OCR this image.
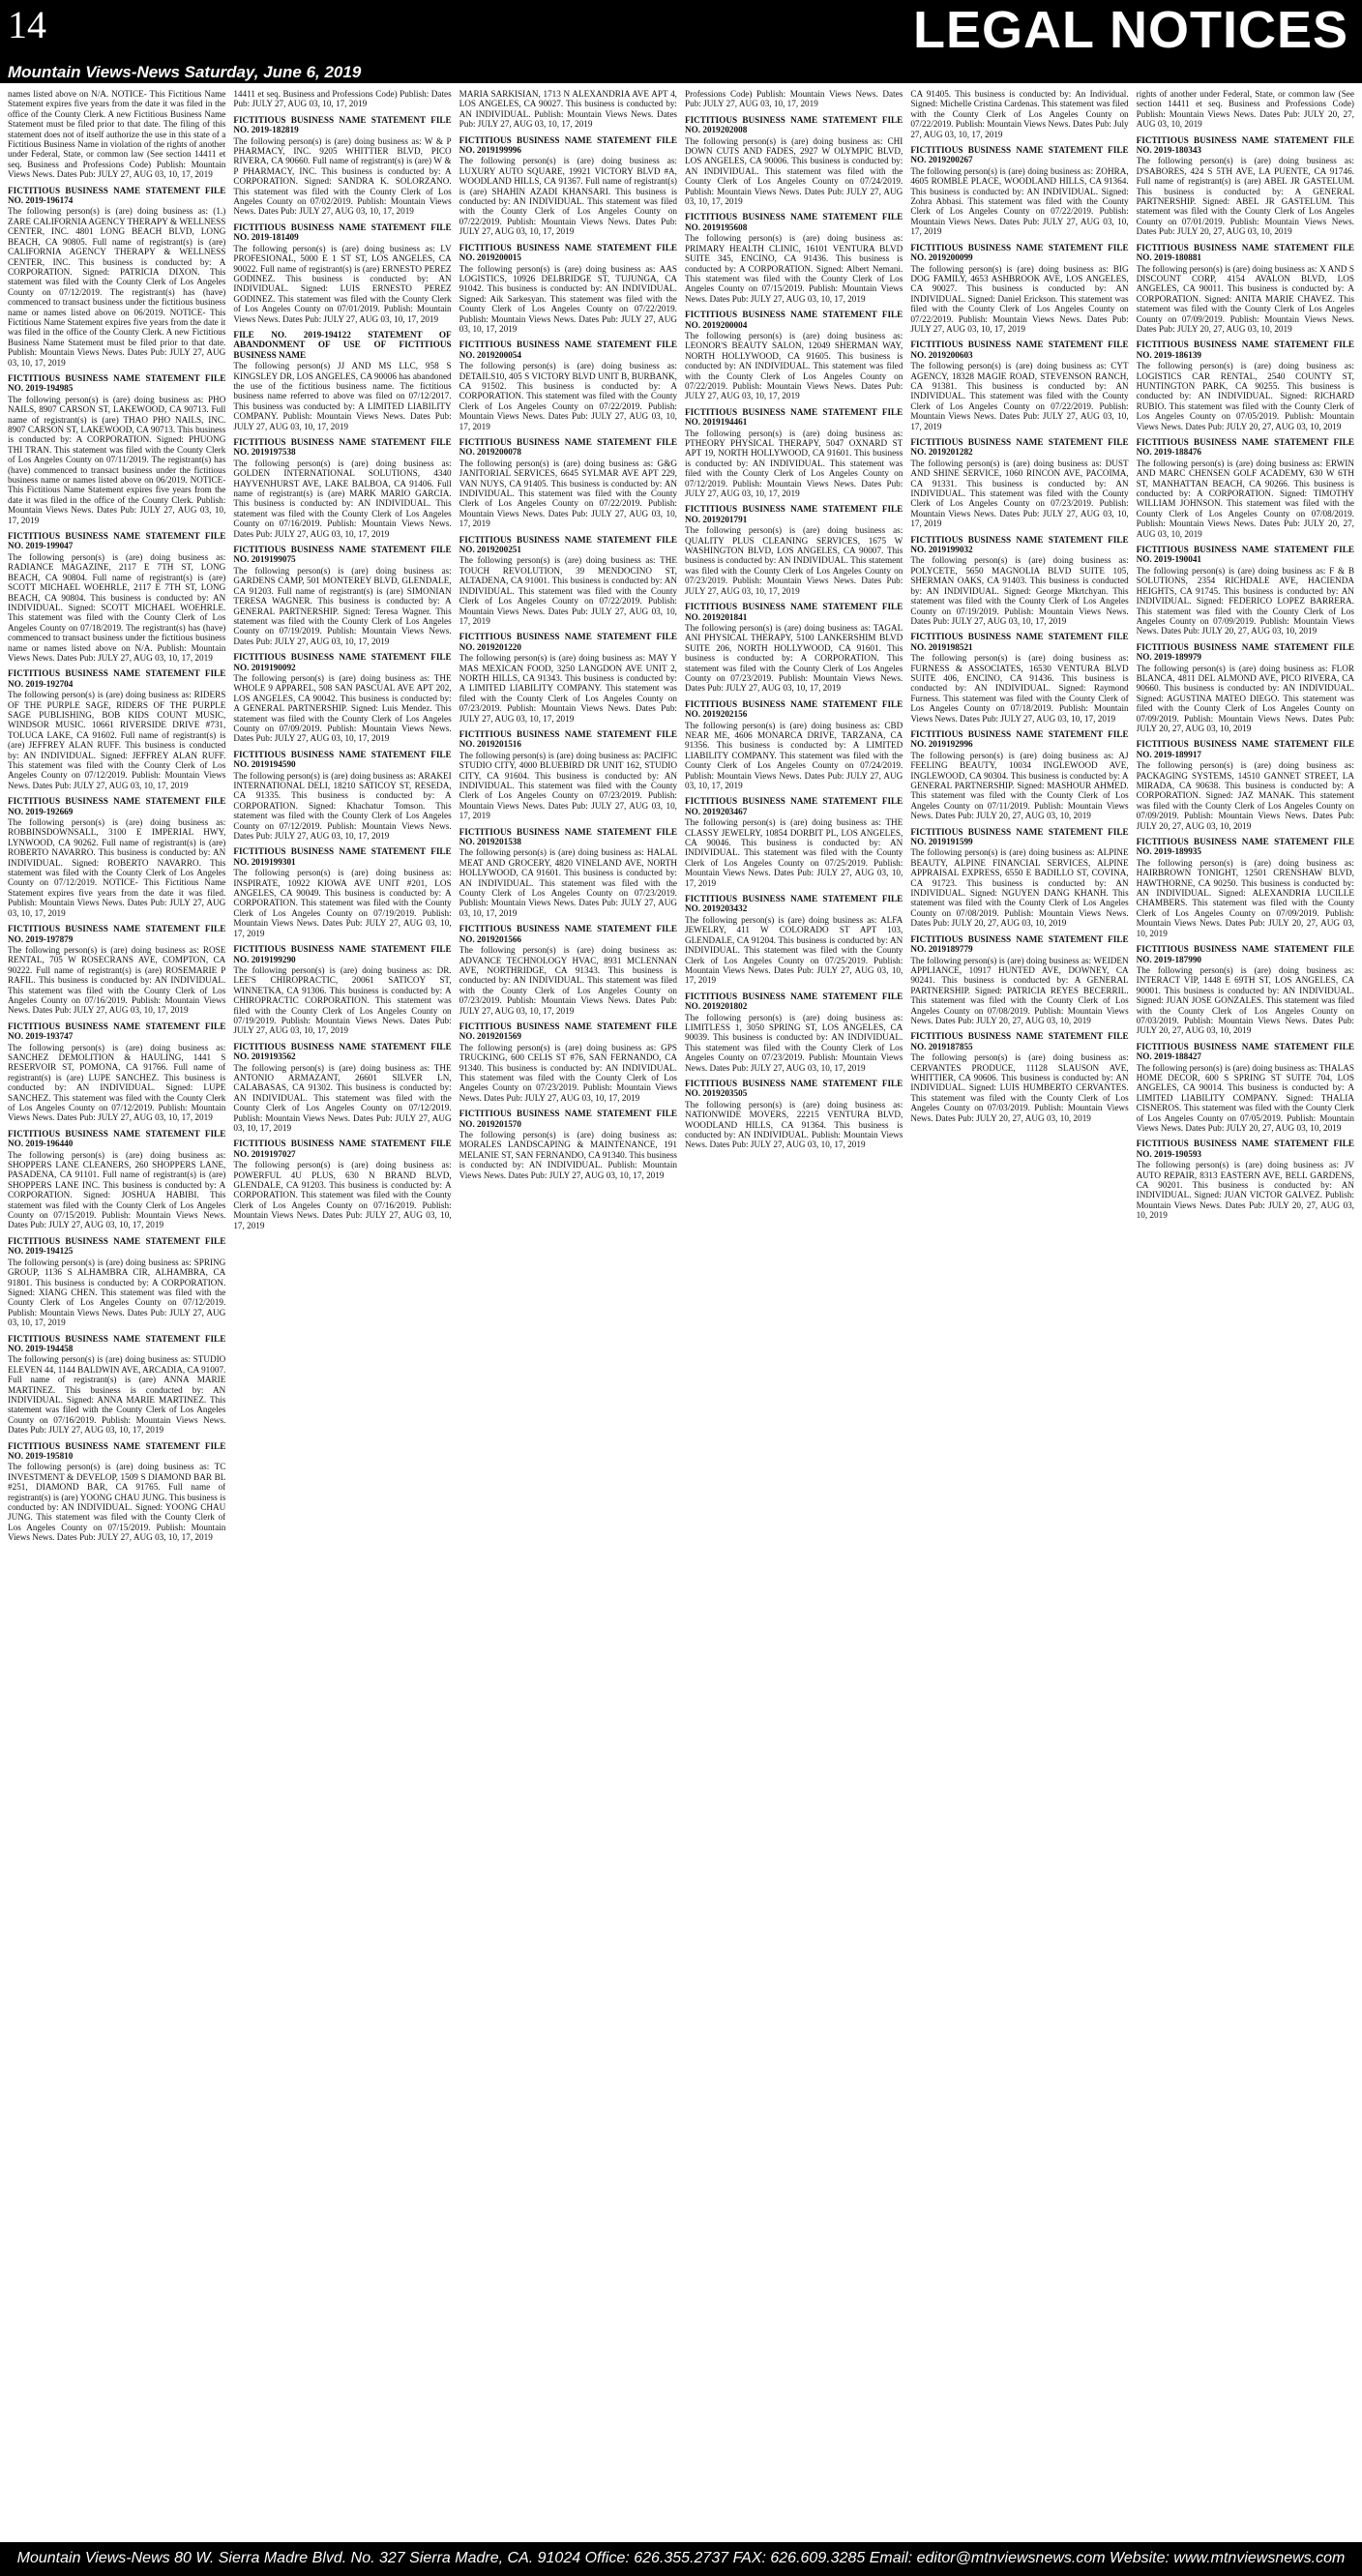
14	LEGAL NOTICES
Mountain Views-News Saturday, June 6, 2019

names listed above on N/A. NOTICE- This Fictitious Name Statement expires five years from the date it was filed in the office of the County Clerk. A new Fictitious Business Name Statement must be filed prior to that date. The filing of this statement does not of itself authorize the use in this state of a Fictitious Business Name in violation of the rights of another under Federal, State, or common law (See section 14411 et seq. Business and Professions Code) Publish: Mountain Views News. Dates Pub: JULY 27, AUG 03, 10, 17, 2019

FICTITIOUS BUSINESS NAME STATEMENT FILE NO. 2019-196174

The following person(s) is (are) doing business as: (1.) ZARE CALIFORNIA AGENCY THERAPY & WELLNESS CENTER, INC. 4801 LONG BEACH BLVD, LONG BEACH, CA 90805. Full name of registrant(s) is (are) CALIFORNIA AGENCY THERAPY & WELLNESS CENTER, INC. This business is conducted by: A CORPORATION. Signed: PATRICIA DIXON. This statement was filed with the County Clerk of Los Angeles County on 07/12/2019. The registrant(s) has (have) commenced to transact business under the fictitious business name or names listed above on 06/2019. NOTICE- This Fictitious Name Statement expires five years from the date it was filed in the office of the County Clerk. A new Fictitious Business Name Statement must be filed prior to that date. Publish: Mountain Views News. Dates Pub: JULY 27, AUG 03, 10, 17, 2019

FICTITIOUS BUSINESS NAME STATEMENT FILE NO. 2019-194985

The following person(s) is (are) doing business as: PHO NAILS, 8907 CARSON ST, LAKEWOOD, CA 90713. Full name of registrant(s) is (are) THAO PHO NAILS, INC. 8907 CARSON ST, LAKEWOOD, CA 90713. This business is conducted by: A CORPORATION. Signed: PHUONG THI TRAN. This statement was filed with the County Clerk of Los Angeles County on 07/11/2019. The registrant(s) has (have) commenced to transact business under the fictitious business name or names listed above on 06/2019. NOTICE- This Fictitious Name Statement expires five years from the date it was filed in the office of the County Clerk. Publish: Mountain Views News. Dates Pub: JULY 27, AUG 03, 10, 17, 2019

FICTITIOUS BUSINESS NAME STATEMENT FILE NO. 2019-199047

The following person(s) is (are) doing business as: RADIANCE MAGAZINE, 2117 E 7TH ST, LONG BEACH, CA 90804. Full name of registrant(s) is (are) SCOTT MICHAEL WOEHRLE, 2117 E 7TH ST, LONG BEACH, CA 90804. This business is conducted by: AN INDIVIDUAL. Signed: SCOTT MICHAEL WOEHRLE. This statement was filed with the County Clerk of Los Angeles County on 07/18/2019. The registrant(s) has (have) commenced to transact business under the fictitious business name or names listed above on N/A. Publish: Mountain Views News. Dates Pub: JULY 27, AUG 03, 10, 17, 2019

FICTITIOUS BUSINESS NAME STATEMENT FILE NO. 2019-192704

The following person(s) is (are) doing business as: RIDERS OF THE PURPLE SAGE, RIDERS OF THE PURPLE SAGE PUBLISHING, BOB KIDS COUNT MUSIC, WINDSOR MUSIC. 10661 RIVERSIDE DRIVE #731, TOLUCA LAKE, CA 91602. Full name of registrant(s) is (are) JEFFREY ALAN RUFF. This business is conducted by: AN INDIVIDUAL. Signed: JEFFREY ALAN RUFF. This statement was filed with the County Clerk of Los Angeles County on 07/12/2019. Publish: Mountain Views News. Dates Pub: JULY 27, AUG 03, 10, 17, 2019

FICTITIOUS BUSINESS NAME STATEMENT FILE NO. 2019-192669

The following person(s) is (are) doing business as: ROBBINSDOWNSALL, 3100 E IMPERIAL HWY, LYNWOOD, CA 90262. Full name of registrant(s) is (are) ROBERTO NAVARRO. This business is conducted by: AN INDIVIDUAL. Signed: ROBERTO NAVARRO. This statement was filed with the County Clerk of Los Angeles County on 07/12/2019. NOTICE- This Fictitious Name Statement expires five years from the date it was filed. Publish: Mountain Views News. Dates Pub: JULY 27, AUG 03, 10, 17, 2019

FICTITIOUS BUSINESS NAME STATEMENT FILE NO. 2019-197879

The following person(s) is (are) doing business as: ROSE RENTAL, 705 W ROSECRANS AVE, COMPTON, CA 90222. Full name of registrant(s) is (are) ROSEMARIE P RAFIL. This business is conducted by: AN INDIVIDUAL. This statement was filed with the County Clerk of Los Angeles County on 07/16/2019. Publish: Mountain Views News. Dates Pub: JULY 27, AUG 03, 10, 17, 2019

FICTITIOUS BUSINESS NAME STATEMENT FILE NO. 2019-193747

The following person(s) is (are) doing business as: SANCHEZ DEMOLITION & HAULING, 1441 S RESERVOIR ST, POMONA, CA 91766. Full name of registrant(s) is (are) LUPE SANCHEZ. This business is conducted by: AN INDIVIDUAL. Signed: LUPE SANCHEZ. This statement was filed with the County Clerk of Los Angeles County on 07/12/2019. Publish: Mountain Views News. Dates Pub: JULY 27, AUG 03, 10, 17, 2019

FICTITIOUS BUSINESS NAME STATEMENT FILE NO. 2019-196440

The following person(s) is (are) doing business as: SHOPPERS LANE CLEANERS, 260 SHOPPERS LANE, PASADENA, CA 91101. Full name of registrant(s) is (are) SHOPPERS LANE INC. This business is conducted by: A CORPORATION. Signed: JOSHUA HABIBI. This statement was filed with the County Clerk of Los Angeles County on 07/15/2019. Publish: Mountain Views News. Dates Pub: JULY 27, AUG 03, 10, 17, 2019

FICTITIOUS BUSINESS NAME STATEMENT FILE NO. 2019-194125

The following person(s) is (are) doing business as: SPRING GROUP, 1136 S ALHAMBRA CIR, ALHAMBRA, CA 91801. This business is conducted by: A CORPORATION. Signed: XIANG CHEN. This statement was filed with the County Clerk of Los Angeles County on 07/12/2019. Publish: Mountain Views News. Dates Pub: JULY 27, AUG 03, 10, 17, 2019

FICTITIOUS BUSINESS NAME STATEMENT FILE NO. 2019-194458

The following person(s) is (are) doing business as: STUDIO ELEVEN 44, 1144 BALDWIN AVE, ARCADIA, CA 91007. Full name of registrant(s) is (are) ANNA MARIE MARTINEZ. This business is conducted by: AN INDIVIDUAL. Signed: ANNA MARIE MARTINEZ. This statement was filed with the County Clerk of Los Angeles County on 07/16/2019. Publish: Mountain Views News. Dates Pub: JULY 27, AUG 03, 10, 17, 2019

FICTITIOUS BUSINESS NAME STATEMENT FILE NO. 2019-195810

The following person(s) is (are) doing business as: TC INVESTMENT & DEVELOP, 1509 S DIAMOND BAR BL #251, DIAMOND BAR, CA 91765. Full name of registrant(s) is (are) YOONG CHAU JUNG. This business is conducted by: AN INDIVIDUAL. Signed: YOONG CHAU JUNG. This statement was filed with the County Clerk of Los Angeles County on 07/15/2019. Publish: Mountain Views News. Dates Pub: JULY 27, AUG 03, 10, 17, 2019

14411 et seq. Business and Professions Code) Publish: Dates Pub: JULY 27, AUG 03, 10, 17, 2019

FICTITIOUS BUSINESS NAME STATEMENT FILE NO. 2019-182819

The following person(s) is (are) doing business as: W & P PHARMACY, INC. 9205 WHITTIER BLVD, PICO RIVERA, CA 90660. Full name of registrant(s) is (are) W & P PHARMACY, INC. This business is conducted by: A CORPORATION. Signed: SANDRA K. SOLORZANO. This statement was filed with the County Clerk of Los Angeles County on 07/02/2019. Publish: Mountain Views News. Dates Pub: JULY 27, AUG 03, 10, 17, 2019

FICTITIOUS BUSINESS NAME STATEMENT FILE NO. 2019-181409

The following person(s) is (are) doing business as: LV PROFESIONAL, 5000 E 1 ST ST, LOS ANGELES, CA 90022. Full name of registrant(s) is (are) ERNESTO PEREZ GODINEZ. This business is conducted by: AN INDIVIDUAL. Signed: LUIS ERNESTO PEREZ GODINEZ. This statement was filed with the County Clerk of Los Angeles County on 07/01/2019. Publish: Mountain Views News. Dates Pub: JULY 27, AUG 03, 10, 17, 2019

FILE NO. 2019-194122 STATEMENT OF ABANDONMENT OF USE OF FICTITIOUS BUSINESS NAME

The following person(s) JJ AND MS LLC, 958 S KINGSLEY DR, LOS ANGELES, CA 90006 has abandoned the use of the fictitious business name. The fictitious business name referred to above was filed on 07/12/2017. This business was conducted by: A LIMITED LIABILITY COMPANY. Publish: Mountain Views News. Dates Pub: JULY 27, AUG 03, 10, 17, 2019

FICTITIOUS BUSINESS NAME STATEMENT FILE NO. 2019197538

The following person(s) is (are) doing business as: GOLDEN INTERNATIONAL SOLUTIONS, 4340 HAYVENHURST AVE, LAKE BALBOA, CA 91406. Full name of registrant(s) is (are) MARK MARIO GARCIA. This business is conducted by: AN INDIVIDUAL. This statement was filed with the County Clerk of Los Angeles County on 07/16/2019. Publish: Mountain Views News. Dates Pub: JULY 27, AUG 03, 10, 17, 2019

FICTITIOUS BUSINESS NAME STATEMENT FILE NO. 2019199075

The following person(s) is (are) doing business as: GARDENS CAMP, 501 MONTEREY BLVD, GLENDALE, CA 91203. Full name of registrant(s) is (are) SIMONIAN TERESA WAGNER. This business is conducted by: A GENERAL PARTNERSHIP. Signed: Teresa Wagner. This statement was filed with the County Clerk of Los Angeles County on 07/19/2019. Publish: Mountain Views News. Dates Pub: JULY 27, AUG 03, 10, 17, 2019

FICTITIOUS BUSINESS NAME STATEMENT FILE NO. 2019190092

The following person(s) is (are) doing business as: THE WHOLE 9 APPAREL, 508 SAN PASCUAL AVE APT 202, LOS ANGELES, CA 90042. This business is conducted by: A GENERAL PARTNERSHIP. Signed: Luis Mendez. This statement was filed with the County Clerk of Los Angeles County on 07/09/2019. Publish: Mountain Views News. Dates Pub: JULY 27, AUG 03, 10, 17, 2019

FICTITIOUS BUSINESS NAME STATEMENT FILE NO. 2019194590

The following person(s) is (are) doing business as: ARAKEI INTERNATIONAL DELI, 18210 SATICOY ST, RESEDA, CA 91335. This business is conducted by: A CORPORATION. Signed: Khachatur Tomson. This statement was filed with the County Clerk of Los Angeles County on 07/12/2019. Publish: Mountain Views News. Dates Pub: JULY 27, AUG 03, 10, 17, 2019

FICTITIOUS BUSINESS NAME STATEMENT FILE NO. 2019199301

The following person(s) is (are) doing business as: INSPIRATE, 10922 KIOWA AVE UNIT #201, LOS ANGELES, CA 90049. This business is conducted by: A CORPORATION. This statement was filed with the County Clerk of Los Angeles County on 07/19/2019. Publish: Mountain Views News. Dates Pub: JULY 27, AUG 03, 10, 17, 2019

FICTITIOUS BUSINESS NAME STATEMENT FILE NO. 2019199290

The following person(s) is (are) doing business as: DR. LEE'S CHIROPRACTIC, 20061 SATICOY ST, WINNETKA, CA 91306. This business is conducted by: A CHIROPRACTIC CORPORATION. This statement was filed with the County Clerk of Los Angeles County on 07/19/2019. Publish: Mountain Views News. Dates Pub: JULY 27, AUG 03, 10, 17, 2019

FICTITIOUS BUSINESS NAME STATEMENT FILE NO. 2019193562

The following person(s) is (are) doing business as: THE ANTONIO ARMAZANT, 26601 SILVER LN, CALABASAS, CA 91302. This business is conducted by: AN INDIVIDUAL. This statement was filed with the County Clerk of Los Angeles County on 07/12/2019. Publish: Mountain Views News. Dates Pub: JULY 27, AUG 03, 10, 17, 2019

FICTITIOUS BUSINESS NAME STATEMENT FILE NO. 2019197027

The following person(s) is (are) doing business as: POWERFUL 4U PLUS, 630 N BRAND BLVD, GLENDALE, CA 91203. This business is conducted by: A CORPORATION. This statement was filed with the County Clerk of Los Angeles County on 07/16/2019. Publish: Mountain Views News. Dates Pub: JULY 27, AUG 03, 10, 17, 2019

MARIA SARKISIAN, 1713 N ALEXANDRIA AVE APT 4, LOS ANGELES, CA 90027. This business is conducted by: AN INDIVIDUAL. Publish: Mountain Views News. Dates Pub: JULY 27, AUG 03, 10, 17, 2019

FICTITIOUS BUSINESS NAME STATEMENT FILE NO. 2019199996

The following person(s) is (are) doing business as: LUXURY AUTO SQUARE, 19921 VICTORY BLVD #A, WOODLAND HILLS, CA 91367. Full name of registrant(s) is (are) SHAHIN AZADI KHANSARI. This business is conducted by: AN INDIVIDUAL. This statement was filed with the County Clerk of Los Angeles County on 07/22/2019. Publish: Mountain Views News. Dates Pub: JULY 27, AUG 03, 10, 17, 2019

FICTITIOUS BUSINESS NAME STATEMENT FILE NO. 2019200015

The following person(s) is (are) doing business as: AAS LOGISTICS, 10926 DELBRIDGE ST, TUJUNGA, CA 91042. This business is conducted by: AN INDIVIDUAL. Signed: Aik Sarkesyan. This statement was filed with the County Clerk of Los Angeles County on 07/22/2019. Publish: Mountain Views News. Dates Pub: JULY 27, AUG 03, 10, 17, 2019

FICTITIOUS BUSINESS NAME STATEMENT FILE NO. 2019200054

The following person(s) is (are) doing business as: DETAILS10, 405 S VICTORY BLVD UNIT B, BURBANK, CA 91502. This business is conducted by: A CORPORATION. This statement was filed with the County Clerk of Los Angeles County on 07/22/2019. Publish: Mountain Views News. Dates Pub: JULY 27, AUG 03, 10, 17, 2019

FICTITIOUS BUSINESS NAME STATEMENT FILE NO. 2019200078

The following person(s) is (are) doing business as: G&G JANITORIAL SERVICES, 6645 SYLMAR AVE APT 229, VAN NUYS, CA 91405. This business is conducted by: AN INDIVIDUAL. This statement was filed with the County Clerk of Los Angeles County on 07/22/2019. Publish: Mountain Views News. Dates Pub: JULY 27, AUG 03, 10, 17, 2019

FICTITIOUS BUSINESS NAME STATEMENT FILE NO. 2019200251

The following person(s) is (are) doing business as: THE TOUCH REVOLUTION, 39 MENDOCINO ST, ALTADENA, CA 91001. This business is conducted by: AN INDIVIDUAL. This statement was filed with the County Clerk of Los Angeles County on 07/22/2019. Publish: Mountain Views News. Dates Pub: JULY 27, AUG 03, 10, 17, 2019

FICTITIOUS BUSINESS NAME STATEMENT FILE NO. 2019201220

The following person(s) is (are) doing business as: MAY Y MAS MEXICAN FOOD, 3250 LANGDON AVE UNIT 2, NORTH HILLS, CA 91343. This business is conducted by: A LIMITED LIABILITY COMPANY. This statement was filed with the County Clerk of Los Angeles County on 07/23/2019. Publish: Mountain Views News. Dates Pub: JULY 27, AUG 03, 10, 17, 2019

FICTITIOUS BUSINESS NAME STATEMENT FILE NO. 2019201516

The following person(s) is (are) doing business as: PACIFIC STUDIO CITY, 4000 BLUEBIRD DR UNIT 162, STUDIO CITY, CA 91604. This business is conducted by: AN INDIVIDUAL. This statement was filed with the County Clerk of Los Angeles County on 07/23/2019. Publish: Mountain Views News. Dates Pub: JULY 27, AUG 03, 10, 17, 2019

FICTITIOUS BUSINESS NAME STATEMENT FILE NO. 2019201538

The following person(s) is (are) doing business as: HALAL MEAT AND GROCERY, 4820 VINELAND AVE, NORTH HOLLYWOOD, CA 91601. This business is conducted by: AN INDIVIDUAL. This statement was filed with the County Clerk of Los Angeles County on 07/23/2019. Publish: Mountain Views News. Dates Pub: JULY 27, AUG 03, 10, 17, 2019

FICTITIOUS BUSINESS NAME STATEMENT FILE NO. 2019201566

The following person(s) is (are) doing business as: ADVANCE TECHNOLOGY HVAC, 8931 MCLENNAN AVE, NORTHRIDGE, CA 91343. This business is conducted by: AN INDIVIDUAL. This statement was filed with the County Clerk of Los Angeles County on 07/23/2019. Publish: Mountain Views News. Dates Pub: JULY 27, AUG 03, 10, 17, 2019

FICTITIOUS BUSINESS NAME STATEMENT FILE NO. 2019201569

The following person(s) is (are) doing business as: GPS TRUCKING, 600 CELIS ST #76, SAN FERNANDO, CA 91340. This business is conducted by: AN INDIVIDUAL. This statement was filed with the County Clerk of Los Angeles County on 07/23/2019. Publish: Mountain Views News. Dates Pub: JULY 27, AUG 03, 10, 17, 2019

FICTITIOUS BUSINESS NAME STATEMENT FILE NO. 2019201570

The following person(s) is (are) doing business as: MORALES LANDSCAPING & MAINTENANCE, 191 MELANIE ST, SAN FERNANDO, CA 91340. This business is conducted by: AN INDIVIDUAL. Publish: Mountain Views News. Dates Pub: JULY 27, AUG 03, 10, 17, 2019

Professions Code) Publish: Mountain Views News. Dates Pub: JULY 27, AUG 03, 10, 17, 2019

FICTITIOUS BUSINESS NAME STATEMENT FILE NO. 2019202008

The following person(s) is (are) doing business as: CHI DOWN CUTS AND FADES, 2927 W OLYMPIC BLVD, LOS ANGELES, CA 90006. This business is conducted by: AN INDIVIDUAL. This statement was filed with the County Clerk of Los Angeles County on 07/24/2019. Publish: Mountain Views News. Dates Pub: JULY 27, AUG 03, 10, 17, 2019

FICTITIOUS BUSINESS NAME STATEMENT FILE NO. 2019195608

The following person(s) is (are) doing business as: PRIMARY HEALTH CLINIC, 16101 VENTURA BLVD SUITE 345, ENCINO, CA 91436. This business is conducted by: A CORPORATION. Signed: Albert Nemani. This statement was filed with the County Clerk of Los Angeles County on 07/15/2019. Publish: Mountain Views News. Dates Pub: JULY 27, AUG 03, 10, 17, 2019

FICTITIOUS BUSINESS NAME STATEMENT FILE NO. 2019200004

The following person(s) is (are) doing business as: LEONOR'S BEAUTY SALON, 12049 SHERMAN WAY, NORTH HOLLYWOOD, CA 91605. This business is conducted by: AN INDIVIDUAL. This statement was filed with the County Clerk of Los Angeles County on 07/22/2019. Publish: Mountain Views News. Dates Pub: JULY 27, AUG 03, 10, 17, 2019

FICTITIOUS BUSINESS NAME STATEMENT FILE NO. 2019194461

The following person(s) is (are) doing business as: PTHEORY PHYSICAL THERAPY, 5047 OXNARD ST APT 19, NORTH HOLLYWOOD, CA 91601. This business is conducted by: AN INDIVIDUAL. This statement was filed with the County Clerk of Los Angeles County on 07/12/2019. Publish: Mountain Views News. Dates Pub: JULY 27, AUG 03, 10, 17, 2019

FICTITIOUS BUSINESS NAME STATEMENT FILE NO. 2019201791

The following person(s) is (are) doing business as: QUALITY PLUS CLEANING SERVICES, 1675 W WASHINGTON BLVD, LOS ANGELES, CA 90007. This business is conducted by: AN INDIVIDUAL. This statement was filed with the County Clerk of Los Angeles County on 07/23/2019. Publish: Mountain Views News. Dates Pub: JULY 27, AUG 03, 10, 17, 2019

FICTITIOUS BUSINESS NAME STATEMENT FILE NO. 2019201841

The following person(s) is (are) doing business as: TAGAL ANI PHYSICAL THERAPY, 5100 LANKERSHIM BLVD SUITE 206, NORTH HOLLYWOOD, CA 91601. This business is conducted by: A CORPORATION. This statement was filed with the County Clerk of Los Angeles County on 07/23/2019. Publish: Mountain Views News. Dates Pub: JULY 27, AUG 03, 10, 17, 2019

FICTITIOUS BUSINESS NAME STATEMENT FILE NO. 2019202156

The following person(s) is (are) doing business as: CBD NEAR ME, 4606 MONARCA DRIVE, TARZANA, CA 91356. This business is conducted by: A LIMITED LIABILITY COMPANY. This statement was filed with the County Clerk of Los Angeles County on 07/24/2019. Publish: Mountain Views News. Dates Pub: JULY 27, AUG 03, 10, 17, 2019

FICTITIOUS BUSINESS NAME STATEMENT FILE NO. 2019203467

The following person(s) is (are) doing business as: THE CLASSY JEWELRY, 10854 DORBIT PL, LOS ANGELES, CA 90046. This business is conducted by: AN INDIVIDUAL. This statement was filed with the County Clerk of Los Angeles County on 07/25/2019. Publish: Mountain Views News. Dates Pub: JULY 27, AUG 03, 10, 17, 2019

FICTITIOUS BUSINESS NAME STATEMENT FILE NO. 2019203432

The following person(s) is (are) doing business as: ALFA JEWELRY, 411 W COLORADO ST APT 103, GLENDALE, CA 91204. This business is conducted by: AN INDIVIDUAL. This statement was filed with the County Clerk of Los Angeles County on 07/25/2019. Publish: Mountain Views News. Dates Pub: JULY 27, AUG 03, 10, 17, 2019

FICTITIOUS BUSINESS NAME STATEMENT FILE NO. 2019201802

The following person(s) is (are) doing business as: LIMITLESS 1, 3050 SPRING ST, LOS ANGELES, CA 90039. This business is conducted by: AN INDIVIDUAL. This statement was filed with the County Clerk of Los Angeles County on 07/23/2019. Publish: Mountain Views News. Dates Pub: JULY 27, AUG 03, 10, 17, 2019

FICTITIOUS BUSINESS NAME STATEMENT FILE NO. 2019203505

The following person(s) is (are) doing business as: NATIONWIDE MOVERS, 22215 VENTURA BLVD, WOODLAND HILLS, CA 91364. This business is conducted by: AN INDIVIDUAL. Publish: Mountain Views News. Dates Pub: JULY 27, AUG 03, 10, 17, 2019

CA 91405. This business is conducted by: An Individual. Signed: Michelle Cristina Cardenas. This statement was filed with the County Clerk of Los Angeles County on 07/22/2019. Publish: Mountain Views News. Dates Pub: July 27, AUG 03, 10, 17, 2019

FICTITIOUS BUSINESS NAME STATEMENT FILE NO. 2019200267

The following person(s) is (are) doing business as: ZOHRA, 4605 ROMBLE PLACE, WOODLAND HILLS, CA 91364. This business is conducted by: AN INDIVIDUAL. Signed: Zohra Abbasi. This statement was filed with the County Clerk of Los Angeles County on 07/22/2019. Publish: Mountain Views News. Dates Pub: JULY 27, AUG 03, 10, 17, 2019

FICTITIOUS BUSINESS NAME STATEMENT FILE NO. 2019200099

The following person(s) is (are) doing business as: BIG DOG FAMILY, 4653 ASHBROOK AVE, LOS ANGELES, CA 90027. This business is conducted by: AN INDIVIDUAL. Signed: Daniel Erickson. This statement was filed with the County Clerk of Los Angeles County on 07/22/2019. Publish: Mountain Views News. Dates Pub: JULY 27, AUG 03, 10, 17, 2019

FICTITIOUS BUSINESS NAME STATEMENT FILE NO. 2019200603

The following person(s) is (are) doing business as: CYT AGENCY, 18328 MAGIE ROAD, STEVENSON RANCH, CA 91381. This business is conducted by: AN INDIVIDUAL. This statement was filed with the County Clerk of Los Angeles County on 07/22/2019. Publish: Mountain Views News. Dates Pub: JULY 27, AUG 03, 10, 17, 2019

FICTITIOUS BUSINESS NAME STATEMENT FILE NO. 2019201282

The following person(s) is (are) doing business as: DUST AND SHINE SERVICE, 1060 RINCON AVE, PACOIMA, CA 91331. This business is conducted by: AN INDIVIDUAL. This statement was filed with the County Clerk of Los Angeles County on 07/23/2019. Publish: Mountain Views News. Dates Pub: JULY 27, AUG 03, 10, 17, 2019

FICTITIOUS BUSINESS NAME STATEMENT FILE NO. 2019199032

The following person(s) is (are) doing business as: POLYCETE, 5650 MAGNOLIA BLVD SUITE 105, SHERMAN OAKS, CA 91403. This business is conducted by: AN INDIVIDUAL. Signed: George Mkrtchyan. This statement was filed with the County Clerk of Los Angeles County on 07/19/2019. Publish: Mountain Views News. Dates Pub: JULY 27, AUG 03, 10, 17, 2019

FICTITIOUS BUSINESS NAME STATEMENT FILE NO. 2019198521

The following person(s) is (are) doing business as: FURNESS & ASSOCIATES, 16530 VENTURA BLVD SUITE 406, ENCINO, CA 91436. This business is conducted by: AN INDIVIDUAL. Signed: Raymond Furness. This statement was filed with the County Clerk of Los Angeles County on 07/18/2019. Publish: Mountain Views News. Dates Pub: JULY 27, AUG 03, 10, 17, 2019

FICTITIOUS BUSINESS NAME STATEMENT FILE NO. 2019192996

The following person(s) is (are) doing business as: AJ FEELING BEAUTY, 10034 INGLEWOOD AVE, INGLEWOOD, CA 90304. This business is conducted by: A GENERAL PARTNERSHIP. Signed: MASHOUR AHMED. This statement was filed with the County Clerk of Los Angeles County on 07/11/2019. Publish: Mountain Views News. Dates Pub: JULY 20, 27, AUG 03, 10, 2019

FICTITIOUS BUSINESS NAME STATEMENT FILE NO. 2019191599

The following person(s) is (are) doing business as: ALPINE BEAUTY, ALPINE FINANCIAL SERVICES, ALPINE APPRAISAL EXPRESS, 6550 E BADILLO ST, COVINA, CA 91723. This business is conducted by: AN INDIVIDUAL. Signed: NGUYEN DANG KHANH. This statement was filed with the County Clerk of Los Angeles County on 07/08/2019. Publish: Mountain Views News. Dates Pub: JULY 20, 27, AUG 03, 10, 2019

FICTITIOUS BUSINESS NAME STATEMENT FILE NO. 2019189779

The following person(s) is (are) doing business as: WEIDEN APPLIANCE, 10917 HUNTED AVE, DOWNEY, CA 90241. This business is conducted by: A GENERAL PARTNERSHIP. Signed: PATRICIA REYES BECERRIL. This statement was filed with the County Clerk of Los Angeles County on 07/08/2019. Publish: Mountain Views News. Dates Pub: JULY 20, 27, AUG 03, 10, 2019

FICTITIOUS BUSINESS NAME STATEMENT FILE NO. 2019187855

The following person(s) is (are) doing business as: CERVANTES PRODUCE, 11128 SLAUSON AVE, WHITTIER, CA 90606. This business is conducted by: AN INDIVIDUAL. Signed: LUIS HUMBERTO CERVANTES. This statement was filed with the County Clerk of Los Angeles County on 07/03/2019. Publish: Mountain Views News. Dates Pub: JULY 20, 27, AUG 03, 10, 2019

rights of another under Federal, State, or common law (See section 14411 et seq. Business and Professions Code) Publish: Mountain Views News. Dates Pub: JULY 20, 27, AUG 03, 10, 2019

FICTITIOUS BUSINESS NAME STATEMENT FILE NO. 2019-180343

The following person(s) is (are) doing business as: D'SABORES, 424 S 5TH AVE, LA PUENTE, CA 91746. Full name of registrant(s) is (are) ABEL JR GASTELUM. This business is conducted by: A GENERAL PARTNERSHIP. Signed: ABEL JR GASTELUM. This statement was filed with the County Clerk of Los Angeles County on 07/01/2019. Publish: Mountain Views News. Dates Pub: JULY 20, 27, AUG 03, 10, 2019

FICTITIOUS BUSINESS NAME STATEMENT FILE NO. 2019-180881

The following person(s) is (are) doing business as: X AND S DISCOUNT CORP, 4154 AVALON BLVD, LOS ANGELES, CA 90011. This business is conducted by: A CORPORATION. Signed: ANITA MARIE CHAVEZ. This statement was filed with the County Clerk of Los Angeles County on 07/09/2019. Publish: Mountain Views News. Dates Pub: JULY 20, 27, AUG 03, 10, 2019

FICTITIOUS BUSINESS NAME STATEMENT FILE NO. 2019-186139

The following person(s) is (are) doing business as: LOGISTICS CAR RENTAL, 2540 COUNTY ST, HUNTINGTON PARK, CA 90255. This business is conducted by: AN INDIVIDUAL. Signed: RICHARD RUBIO. This statement was filed with the County Clerk of Los Angeles County on 07/05/2019. Publish: Mountain Views News. Dates Pub: JULY 20, 27, AUG 03, 10, 2019

FICTITIOUS BUSINESS NAME STATEMENT FILE NO. 2019-188476

The following person(s) is (are) doing business as: ERWIN AND MARC CHENSEN GOLF ACADEMY, 630 W 6TH ST, MANHATTAN BEACH, CA 90266. This business is conducted by: A CORPORATION. Signed: TIMOTHY WILLIAM JOHNSON. This statement was filed with the County Clerk of Los Angeles County on 07/08/2019. Publish: Mountain Views News. Dates Pub: JULY 20, 27, AUG 03, 10, 2019

FICTITIOUS BUSINESS NAME STATEMENT FILE NO. 2019-190041

The following person(s) is (are) doing business as: F & B SOLUTIONS, 2354 RICHDALE AVE, HACIENDA HEIGHTS, CA 91745. This business is conducted by: AN INDIVIDUAL. Signed: FEDERICO LOPEZ BARRERA. This statement was filed with the County Clerk of Los Angeles County on 07/09/2019. Publish: Mountain Views News. Dates Pub: JULY 20, 27, AUG 03, 10, 2019

FICTITIOUS BUSINESS NAME STATEMENT FILE NO. 2019-189979

The following person(s) is (are) doing business as: FLOR BLANCA, 4811 DEL ALMOND AVE, PICO RIVERA, CA 90660. This business is conducted by: AN INDIVIDUAL. Signed: AGUSTINA MATEO DIEGO. This statement was filed with the County Clerk of Los Angeles County on 07/09/2019. Publish: Mountain Views News. Dates Pub: JULY 20, 27, AUG 03, 10, 2019

FICTITIOUS BUSINESS NAME STATEMENT FILE NO. 2019-189917

The following person(s) is (are) doing business as: PACKAGING SYSTEMS, 14510 GANNET STREET, LA MIRADA, CA 90638. This business is conducted by: A CORPORATION. Signed: JAZ MANAK. This statement was filed with the County Clerk of Los Angeles County on 07/09/2019. Publish: Mountain Views News. Dates Pub: JULY 20, 27, AUG 03, 10, 2019

FICTITIOUS BUSINESS NAME STATEMENT FILE NO. 2019-189935

The following person(s) is (are) doing business as: HAIRBROWN TONIGHT, 12501 CRENSHAW BLVD, HAWTHORNE, CA 90250. This business is conducted by: AN INDIVIDUAL. Signed: ALEXANDRIA LUCILLE CHAMBERS. This statement was filed with the County Clerk of Los Angeles County on 07/09/2019. Publish: Mountain Views News. Dates Pub: JULY 20, 27, AUG 03, 10, 2019

FICTITIOUS BUSINESS NAME STATEMENT FILE NO. 2019-187990

The following person(s) is (are) doing business as: INTERACT VIP, 1448 E 69TH ST, LOS ANGELES, CA 90001. This business is conducted by: AN INDIVIDUAL. Signed: JUAN JOSE GONZALES. This statement was filed with the County Clerk of Los Angeles County on 07/03/2019. Publish: Mountain Views News. Dates Pub: JULY 20, 27, AUG 03, 10, 2019

FICTITIOUS BUSINESS NAME STATEMENT FILE NO. 2019-188427

The following person(s) is (are) doing business as: THALAS HOME DECOR, 600 S SPRING ST SUITE 704, LOS ANGELES, CA 90014. This business is conducted by: A LIMITED LIABILITY COMPANY. Signed: THALIA CISNEROS. This statement was filed with the County Clerk of Los Angeles County on 07/05/2019. Publish: Mountain Views News. Dates Pub: JULY 20, 27, AUG 03, 10, 2019

FICTITIOUS BUSINESS NAME STATEMENT FILE NO. 2019-190593

The following person(s) is (are) doing business as: JV AUTO REPAIR, 8313 EASTERN AVE, BELL GARDENS, CA 90201. This business is conducted by: AN INDIVIDUAL. Signed: JUAN VICTOR GALVEZ. Publish: Mountain Views News. Dates Pub: JULY 20, 27, AUG 03, 10, 2019

Mountain Views-News 80 W. Sierra Madre Blvd. No. 327 Sierra Madre, CA. 91024 Office: 626.355.2737 FAX: 626.609.3285 Email: editor@mtnviewsnews.com Website: www.mtnviewsnews.com
